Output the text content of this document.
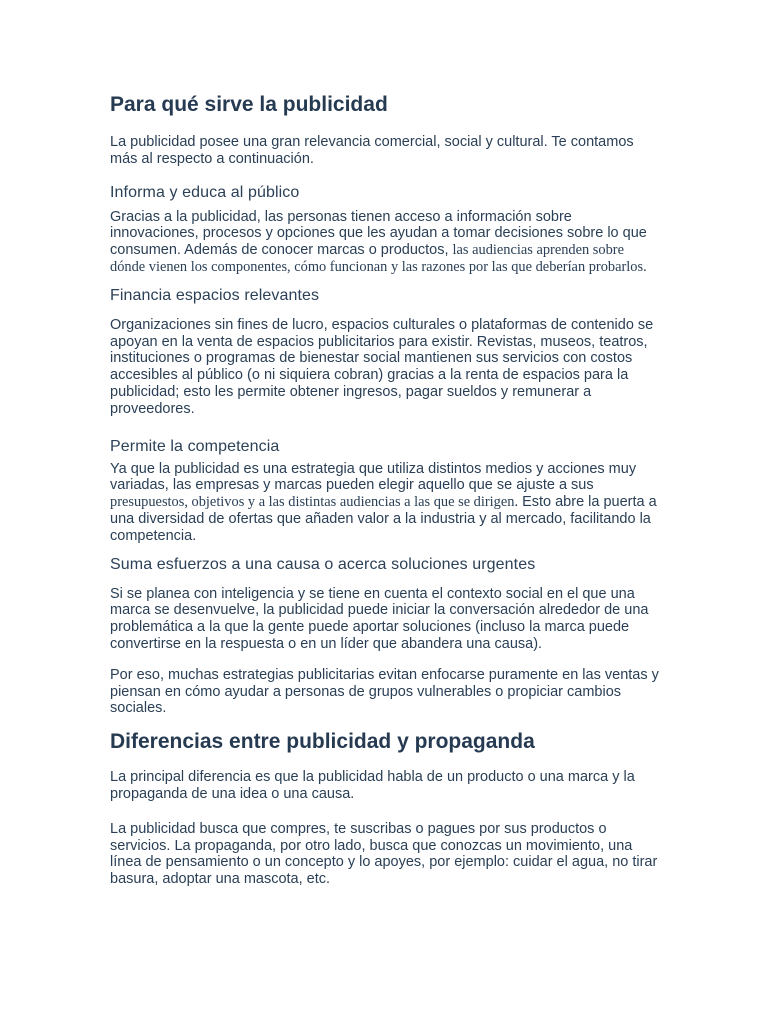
Para qué sirve la publicidad

La publicidad posee una gran relevancia comercial, social y cultural. Te contamos más al respecto a continuación.

Informa y educa al público

Gracias a la publicidad, las personas tienen acceso a información sobre innovaciones, procesos y opciones que les ayudan a tomar decisiones sobre lo que consumen. Además de conocer marcas o productos, las audiencias aprenden sobre dónde vienen los componentes, cómo funcionan y las razones por las que deberían probarlos.

Financia espacios relevantes

Organizaciones sin fines de lucro, espacios culturales o plataformas de contenido se apoyan en la venta de espacios publicitarios para existir. Revistas, museos, teatros, instituciones o programas de bienestar social mantienen sus servicios con costos accesibles al público (o ni siquiera cobran) gracias a la renta de espacios para la publicidad; esto les permite obtener ingresos, pagar sueldos y remunerar a proveedores.

Permite la competencia

Ya que la publicidad es una estrategia que utiliza distintos medios y acciones muy variadas, las empresas y marcas pueden elegir aquello que se ajuste a sus presupuestos, objetivos y a las distintas audiencias a las que se dirigen. Esto abre la puerta a una diversidad de ofertas que añaden valor a la industria y al mercado, facilitando la competencia.

Suma esfuerzos a una causa o acerca soluciones urgentes

Si se planea con inteligencia y se tiene en cuenta el contexto social en el que una marca se desenvuelve, la publicidad puede iniciar la conversación alrededor de una problemática a la que la gente puede aportar soluciones (incluso la marca puede convertirse en la respuesta o en un líder que abandera una causa).

Por eso, muchas estrategias publicitarias evitan enfocarse puramente en las ventas y piensan en cómo ayudar a personas de grupos vulnerables o propiciar cambios sociales.

Diferencias entre publicidad y propaganda

La principal diferencia es que la publicidad habla de un producto o una marca y la propaganda de una idea o una causa.

La publicidad busca que compres, te suscribas o pagues por sus productos o servicios. La propaganda, por otro lado, busca que conozcas un movimiento, una línea de pensamiento o un concepto y lo apoyes, por ejemplo: cuidar el agua, no tirar basura, adoptar una mascota, etc.
